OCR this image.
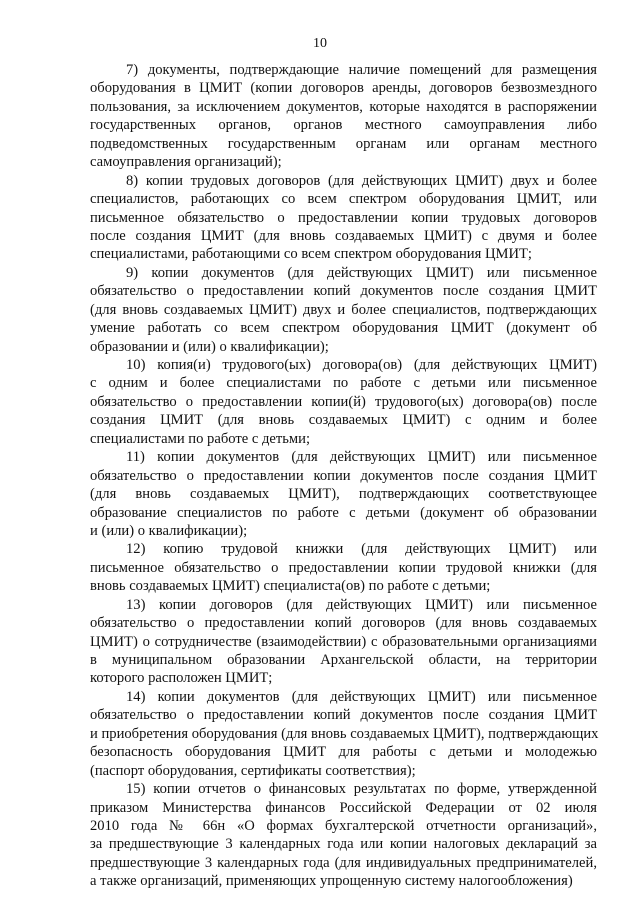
10
7) документы, подтверждающие наличие помещений для размещения
оборудования в ЦМИТ (копии договоров аренды, договоров безвозмездного
пользования, за исключением документов, которые находятся в распоряжении
государственных органов, органов местного самоуправления либо
подведомственных государственным органам или органам местного
самоуправления организаций);
8) копии трудовых договоров (для действующих ЦМИТ) двух и более
специалистов, работающих со всем спектром оборудования ЦМИТ, или
письменное обязательство о предоставлении копии трудовых договоров
после создания ЦМИТ (для вновь создаваемых ЦМИТ) с двумя и более
специалистами, работающими со всем спектром оборудования ЦМИТ;
9) копии документов (для действующих ЦМИТ) или письменное
обязательство о предоставлении копий документов после создания ЦМИТ
(для вновь создаваемых ЦМИТ) двух и более специалистов, подтверждающих
умение работать со всем спектром оборудования ЦМИТ (документ об
образовании и (или) о квалификации);
10) копия(и) трудового(ых) договора(ов) (для действующих ЦМИТ)
с одним и более специалистами по работе с детьми или письменное
обязательство о предоставлении копии(й) трудового(ых) договора(ов) после
создания ЦМИТ (для вновь создаваемых ЦМИТ) с одним и более
специалистами по работе с детьми;
11) копии документов (для действующих ЦМИТ) или письменное
обязательство о предоставлении копии документов после создания ЦМИТ
(для вновь создаваемых ЦМИТ), подтверждающих соответствующее
образование специалистов по работе с детьми (документ об образовании
и (или) о квалификации);
12) копию трудовой книжки (для действующих ЦМИТ) или
письменное обязательство о предоставлении копии трудовой книжки (для
вновь создаваемых ЦМИТ) специалиста(ов) по работе с детьми;
13) копии договоров (для действующих ЦМИТ) или письменное
обязательство о предоставлении копий договоров (для вновь создаваемых
ЦМИТ) о сотрудничестве (взаимодействии) с образовательными организациями
в муниципальном образовании Архангельской области, на территории
которого расположен ЦМИТ;
14) копии документов (для действующих ЦМИТ) или письменное
обязательство о предоставлении копий документов после создания ЦМИТ
и приобретения оборудования (для вновь создаваемых ЦМИТ), подтверждающих
безопасность оборудования ЦМИТ для работы с детьми и молодежью
(паспорт оборудования, сертификаты соответствия);
15) копии отчетов о финансовых результатах по форме, утвержденной
приказом Министерства финансов Российской Федерации от 02 июля
2010 года № 66н «О формах бухгалтерской отчетности организаций»,
за предшествующие 3 календарных года или копии налоговых деклараций за
предшествующие 3 календарных года (для индивидуальных предпринимателей,
а также организаций, применяющих упрощенную систему налогообложения)
